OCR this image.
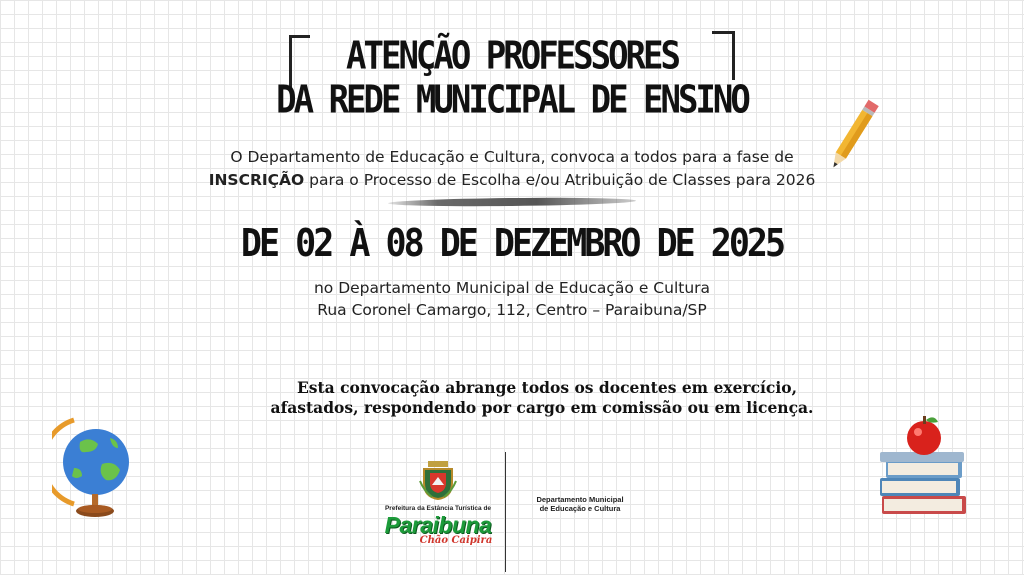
ATENÇÃO PROFESSORES
DA REDE MUNICIPAL DE ENSINO
O Departamento de Educação e Cultura, convoca a todos para a fase de
INSCRIÇÃO para o Processo de Escolha e/ou Atribuição de Classes para 2026
DE 02 À 08 DE DEZEMBRO DE 2025
no Departamento Municipal de Educação e Cultura
Rua Coronel Camargo, 112, Centro – Paraibuna/SP
Esta convocação abrange todos os docentes em exercício,
afastados, respondendo por cargo em comissão ou em licença.
Prefeitura da Estância Turística de
Paraibuna
Chão Caipira
Departamento Municipal
de Educação e Cultura
